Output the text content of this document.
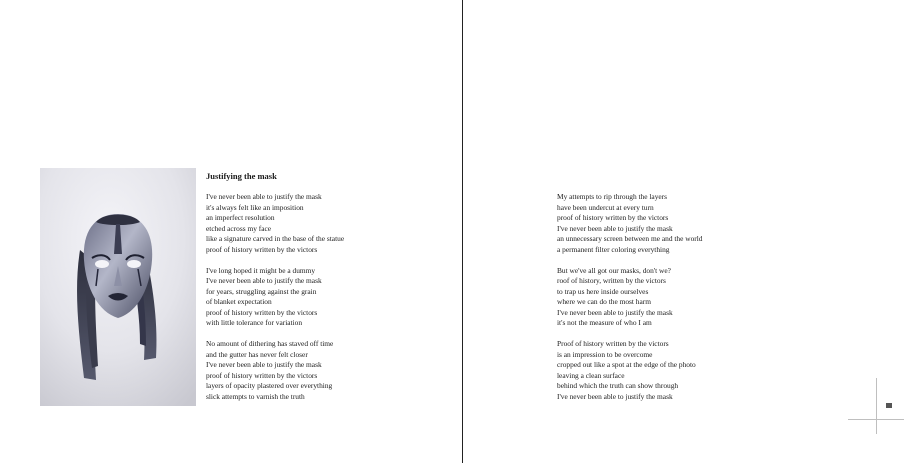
Justifying the mask
I've never been able to justify the mask
it's always felt like an imposition
an imperfect resolution
etched across my face
like a signature carved in the base of the statue
proof of history written by the victors
I've long hoped it might be a dummy
I've never been able to justify the mask
for years, struggling against the grain
of blanket expectation
proof of history written by the victors
with little tolerance for variation
No amount of dithering has staved off time
and the gutter has never felt closer
I've never been able to justify the mask
proof of history written by the victors
layers of opacity plastered over everything
slick attempts to varnish the truth
My attempts to rip through the layers
have been undercut at every turn
proof of history written by the victors
I've never been able to justify the mask
an unnecessary screen between me and the world
a permanent filter coloring everything
But we've all got our masks, don't we?
roof of history, written by the victors
to trap us here inside ourselves
where we can do the most harm
I've never been able to justify the mask
it's not the measure of who I am
Proof of history written by the victors
is an impression to be overcome
cropped out like a spot at the edge of the photo
leaving a clean surface
behind which the truth can show through
I've never been able to justify the mask
